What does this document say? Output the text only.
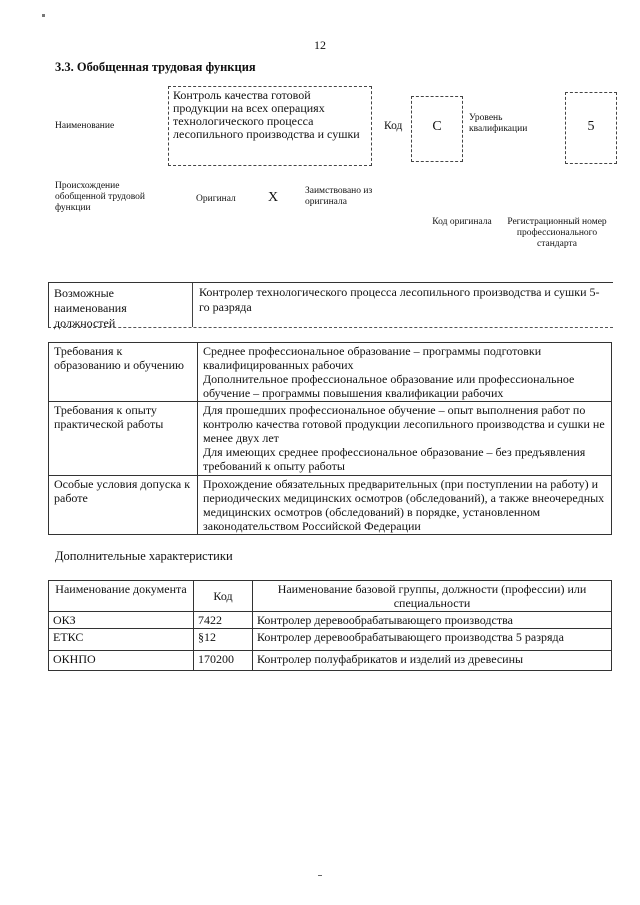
12
3.3. Обобщенная трудовая функция
Наименование
Контроль качества готовой продукции на всех операциях технологического процесса лесопильного производства и сушки
Код	C
Уровень квалификации	5
Происхождение обобщенной трудовой функции
Оригинал X	Заимствовано из оригинала
Код оригинала	Регистрационный номер профессионального стандарта
Возможные наименования должностей
Контролер технологического процесса лесопильного производства и сушки 5-го разряда
Требования к образованию и обучению	Среднее профессиональное образование – программы подготовки квалифицированных рабочих
Дополнительное профессиональное образование или профессиональное обучение – программы повышения квалификации рабочих

Требования к опыту практической работы	Для прошедших профессиональное обучение – опыт выполнения работ по контролю качества готовой продукции лесопильного производства и сушки не менее двух лет
Для имеющих среднее профессиональное образование – без предъявления требований к опыту работы

Особые условия допуска к работе	Прохождение обязательных предварительных (при поступлении на работу) и периодических медицинских осмотров (обследований), а также внеочередных медицинских осмотров (обследований) в порядке, установленном законодательством Российской Федерации
Дополнительные характеристики
Наименование документа	Код	Наименование базовой группы, должности (профессии) или специальности
ОКЗ	7422	Контролер деревообрабатывающего производства
ЕТКС	§12	Контролер деревообрабатывающего производства 5 разряда
ОКНПО	170200	Контролер полуфабрикатов и изделий из древесины
